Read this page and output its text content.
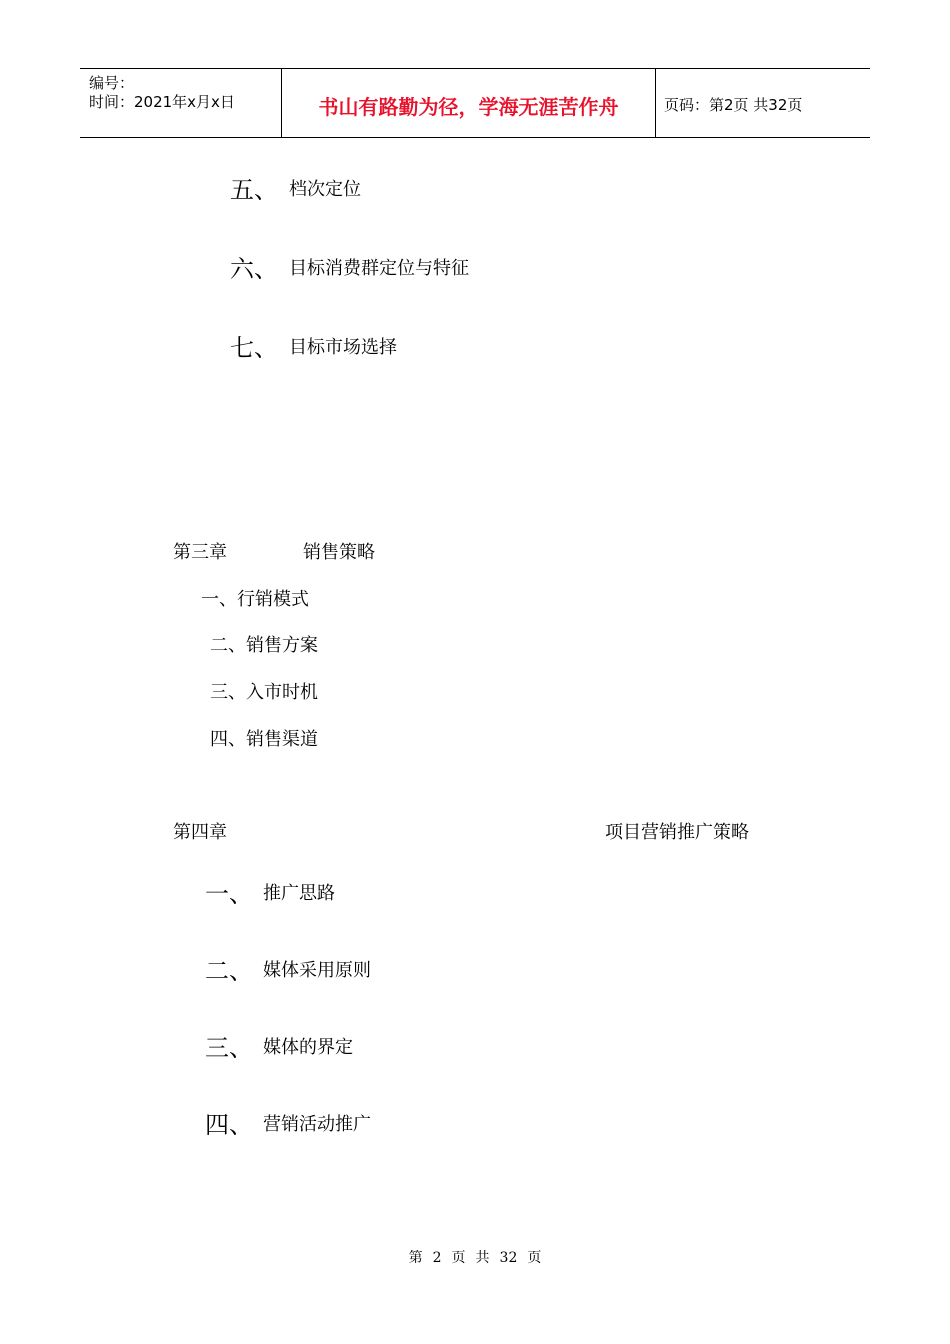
编号：
时间：2021年x月x日	书山有路勤为径，学海无涯苦作舟	页码：第2页 共32页
五、 档次定位
六、 目标消费群定位与特征
七、 目标市场选择
第三章	销售策略
一、行销模式
二、销售方案
三、入市时机
四、销售渠道
第四章	项目营销推广策略
一、 推广思路
二、 媒体采用原则
三、 媒体的界定
四、 营销活动推广
第 2 页 共 32 页
